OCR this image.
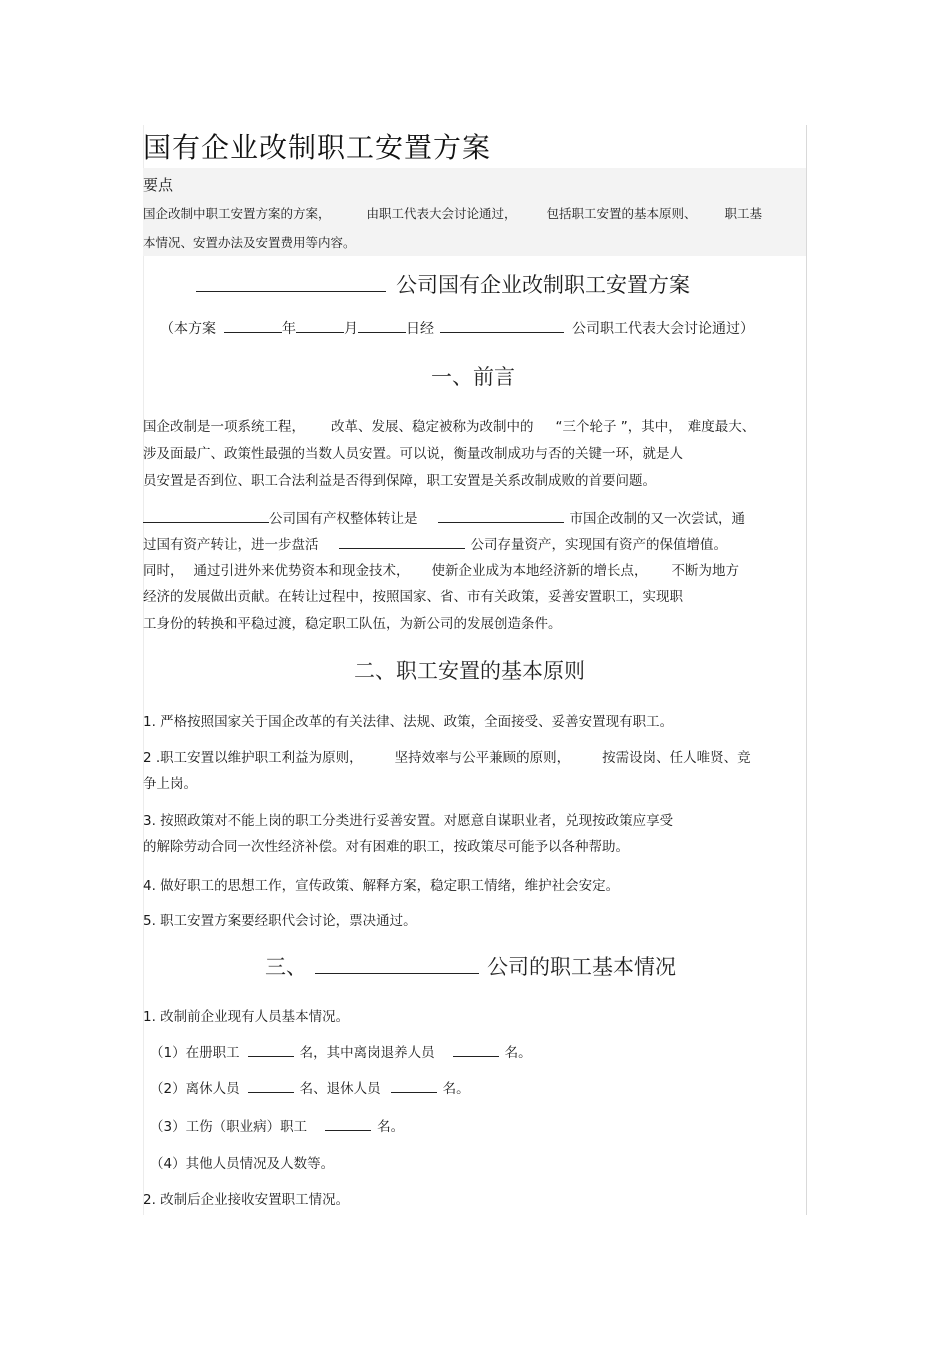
国有企业改制职工安置方案
要点
国企改制中职工安置方案的方案，	由职工代表大会讨论通过， 包括职工安置的基本原则、 职工基
本情况、安置办法及安置费用等内容。
公司国有企业改制职工安置方案
（本方案	年	月	日经	公司职工代表大会讨论通过）
一、前言
国企改制是一项系统工程， 改革、发展、稳定被称为改制中的 “三个轮子 ”，其中， 难度最大、
涉及面最广、政策性最强的当数人员安置。可以说，衡量改制成功与否的关键一环，就是人
员安置是否到位、职工合法利益是否得到保障，职工安置是关系改制成败的首要问题。
公司国有产权整体转让是	市国企改制的又一次尝试，通
过国有资产转让，进一步盘活	公司存量资产，实现国有资产的保值增值。
同时， 通过引进外来优势资本和现金技术， 使新企业成为本地经济新的增长点， 不断为地方
经济的发展做出贡献。在转让过程中，按照国家、省、市有关政策，妥善安置职工，实现职
工身份的转换和平稳过渡，稳定职工队伍，为新公司的发展创造条件。
二、职工安置的基本原则
1. 严格按照国家关于国企改革的有关法律、法规、政策，全面接受、妥善安置现有职工。
2 .职工安置以维护职工利益为原则， 坚持效率与公平兼顾的原则， 按需设岗、任人唯贤、竞
争上岗。
3. 按照政策对不能上岗的职工分类进行妥善安置。对愿意自谋职业者，兑现按政策应享受
的解除劳动合同一次性经济补偿。对有困难的职工，按政策尽可能予以各种帮助。
4. 做好职工的思想工作，宣传政策、解释方案，稳定职工情绪，维护社会安定。
5. 职工安置方案要经职代会讨论，票决通过。
三、	公司的职工基本情况
1. 改制前企业现有人员基本情况。
（1）在册职工	名，其中离岗退养人员	名。
（2）离休人员	名、退休人员	名。
（3）工伤（职业病）职工	名。
（4）其他人员情况及人数等。
2. 改制后企业接收安置职工情况。
